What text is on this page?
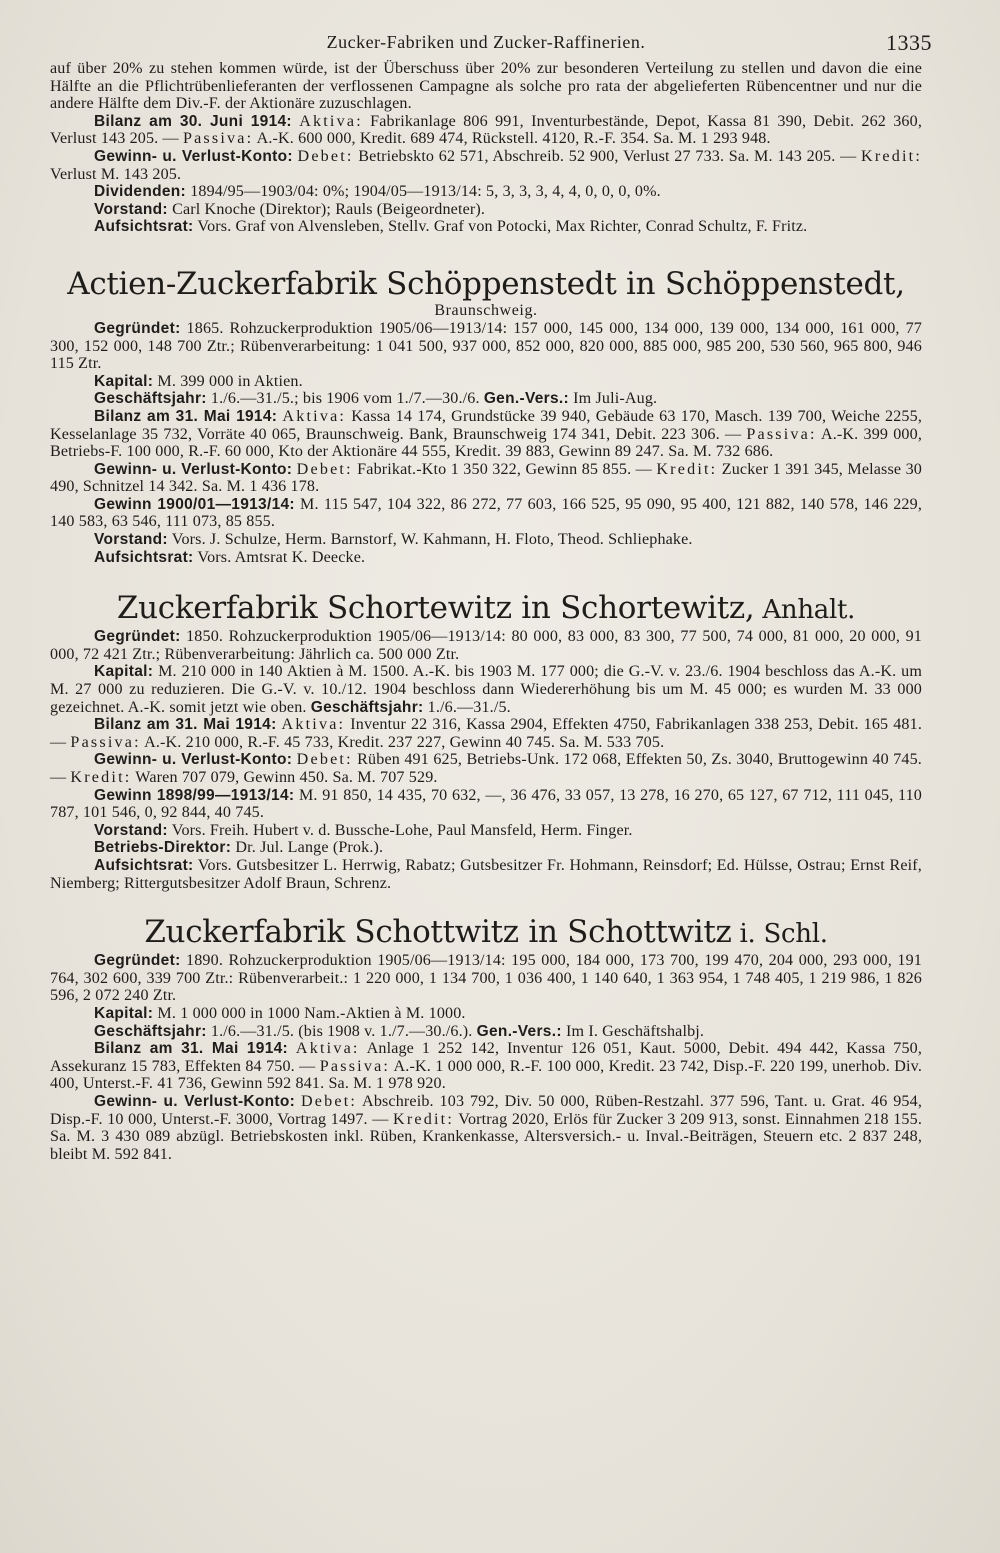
Zucker-Fabriken und Zucker-Raffinerien.	1335

auf über 20% zu stehen kommen würde, ist der Überschuss über 20% zur besonderen Verteilung zu stellen und davon die eine Hälfte an die Pflichtrübenlieferanten der verflossenen Campagne als solche pro rata der abgelieferten Rübencentner und nur die andere Hälfte dem Div.-F. der Aktionäre zuzuschlagen.

Bilanz am 30. Juni 1914: Aktiva: Fabrikanlage 806 991, Inventurbestände, Depot, Kassa 81 390, Debit. 262 360, Verlust 143 205. — Passiva: A.-K. 600 000, Kredit. 689 474, Rückstell. 4120, R.-F. 354. Sa. M. 1 293 948.

Gewinn- u. Verlust-Konto: Debet: Betriebskto 62 571, Abschreib. 52 900, Verlust 27 733. Sa. M. 143 205. — Kredit: Verlust M. 143 205.

Dividenden: 1894/95—1903/04: 0%; 1904/05—1913/14: 5, 3, 3, 3, 4, 4, 0, 0, 0, 0%.

Vorstand: Carl Knoche (Direktor); Rauls (Beigeordneter).

Aufsichtsrat: Vors. Graf von Alvensleben, Stellv. Graf von Potocki, Max Richter, Conrad Schultz, F. Fritz.

Actien-Zuckerfabrik Schöppenstedt in Schöppenstedt,
Braunschweig.

Gegründet: 1865. Rohzuckerproduktion 1905/06—1913/14: 157 000, 145 000, 134 000, 139 000, 134 000, 161 000, 77 300, 152 000, 148 700 Ztr.; Rübenverarbeitung: 1 041 500, 937 000, 852 000, 820 000, 885 000, 985 200, 530 560, 965 800, 946 115 Ztr.

Kapital: M. 399 000 in Aktien.

Geschäftsjahr: 1./6.—31./5.; bis 1906 vom 1./7.—30./6. Gen.-Vers.: Im Juli-Aug.

Bilanz am 31. Mai 1914: Aktiva: Kassa 14 174, Grundstücke 39 940, Gebäude 63 170, Masch. 139 700, Weiche 2255, Kesselanlage 35 732, Vorräte 40 065, Braunschweig. Bank, Braunschweig 174 341, Debit. 223 306. — Passiva: A.-K. 399 000, Betriebs-F. 100 000, R.-F. 60 000, Kto der Aktionäre 44 555, Kredit. 39 883, Gewinn 89 247. Sa. M. 732 686.

Gewinn- u. Verlust-Konto: Debet: Fabrikat.-Kto 1 350 322, Gewinn 85 855. — Kredit: Zucker 1 391 345, Melasse 30 490, Schnitzel 14 342. Sa. M. 1 436 178.

Gewinn 1900/01—1913/14: M. 115 547, 104 322, 86 272, 77 603, 166 525, 95 090, 95 400, 121 882, 140 578, 146 229, 140 583, 63 546, 111 073, 85 855.

Vorstand: Vors. J. Schulze, Herm. Barnstorf, W. Kahmann, H. Floto, Theod. Schliephake.

Aufsichtsrat: Vors. Amtsrat K. Deecke.

Zuckerfabrik Schortewitz in Schortewitz, Anhalt.

Gegründet: 1850. Rohzuckerproduktion 1905/06—1913/14: 80 000, 83 000, 83 300, 77 500, 74 000, 81 000, 20 000, 91 000, 72 421 Ztr.; Rübenverarbeitung: Jährlich ca. 500 000 Ztr.

Kapital: M. 210 000 in 140 Aktien à M. 1500. A.-K. bis 1903 M. 177 000; die G.-V. v. 23./6. 1904 beschloss das A.-K. um M. 27 000 zu reduzieren. Die G.-V. v. 10./12. 1904 beschloss dann Wiedererhöhung bis um M. 45 000; es wurden M. 33 000 gezeichnet. A.-K. somit jetzt wie oben. Geschäftsjahr: 1./6.—31./5.

Bilanz am 31. Mai 1914: Aktiva: Inventur 22 316, Kassa 2904, Effekten 4750, Fabrikanlagen 338 253, Debit. 165 481. — Passiva: A.-K. 210 000, R.-F. 45 733, Kredit. 237 227, Gewinn 40 745. Sa. M. 533 705.

Gewinn- u. Verlust-Konto: Debet: Rüben 491 625, Betriebs-Unk. 172 068, Effekten 50, Zs. 3040, Bruttogewinn 40 745. — Kredit: Waren 707 079, Gewinn 450. Sa. M. 707 529.

Gewinn 1898/99—1913/14: M. 91 850, 14 435, 70 632, —, 36 476, 33 057, 13 278, 16 270, 65 127, 67 712, 111 045, 110 787, 101 546, 0, 92 844, 40 745.

Vorstand: Vors. Freih. Hubert v. d. Bussche-Lohe, Paul Mansfeld, Herm. Finger.

Betriebs-Direktor: Dr. Jul. Lange (Prok.).

Aufsichtsrat: Vors. Gutsbesitzer L. Herrwig, Rabatz; Gutsbesitzer Fr. Hohmann, Reinsdorf; Ed. Hülsse, Ostrau; Ernst Reif, Niemberg; Rittergutsbesitzer Adolf Braun, Schrenz.

Zuckerfabrik Schottwitz in Schottwitz i. Schl.

Gegründet: 1890. Rohzuckerproduktion 1905/06—1913/14: 195 000, 184 000, 173 700, 199 470, 204 000, 293 000, 191 764, 302 600, 339 700 Ztr.: Rübenverarbeit.: 1 220 000, 1 134 700, 1 036 400, 1 140 640, 1 363 954, 1 748 405, 1 219 986, 1 826 596, 2 072 240 Ztr.

Kapital: M. 1 000 000 in 1000 Nam.-Aktien à M. 1000.

Geschäftsjahr: 1./6.—31./5. (bis 1908 v. 1./7.—30./6.). Gen.-Vers.: Im I. Geschäftshalbj.

Bilanz am 31. Mai 1914: Aktiva: Anlage 1 252 142, Inventur 126 051, Kaut. 5000, Debit. 494 442, Kassa 750, Assekuranz 15 783, Effekten 84 750. — Passiva: A.-K. 1 000 000, R.-F. 100 000, Kredit. 23 742, Disp.-F. 220 199, unerhob. Div. 400, Unterst.-F. 41 736, Gewinn 592 841. Sa. M. 1 978 920.

Gewinn- u. Verlust-Konto: Debet: Abschreib. 103 792, Div. 50 000, Rüben-Restzahl. 377 596, Tant. u. Grat. 46 954, Disp.-F. 10 000, Unterst.-F. 3000, Vortrag 1497. — Kredit: Vortrag 2020, Erlös für Zucker 3 209 913, sonst. Einnahmen 218 155. Sa. M. 3 430 089 abzügl. Betriebskosten inkl. Rüben, Krankenkasse, Altersversich.- u. Inval.-Beiträgen, Steuern etc. 2 837 248, bleibt M. 592 841.
